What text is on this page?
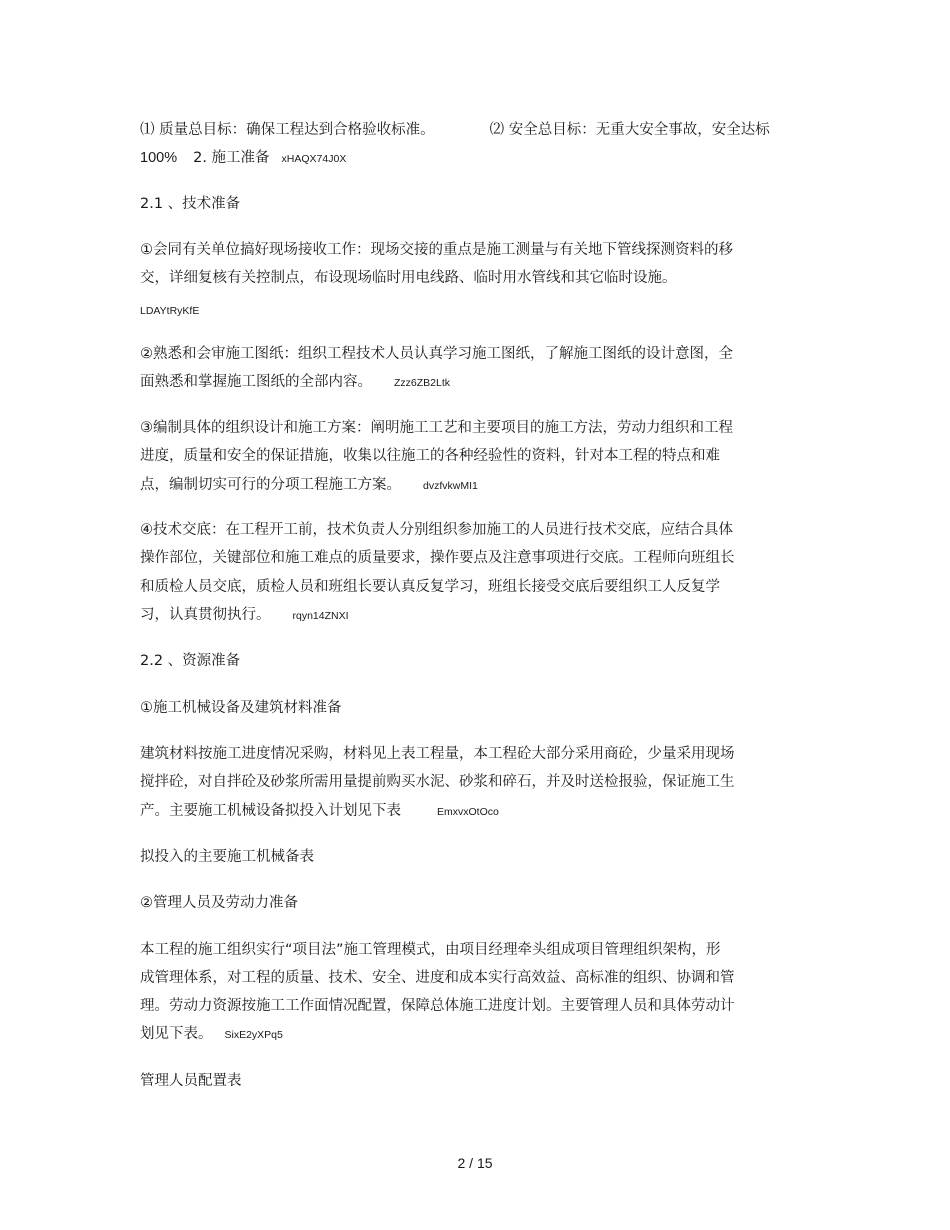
⑴ 质量总目标：确保工程达到合格验收标准。	⑵ 安全总目标：无重大安全事故，安全达标
100% 2. 施工准备 xHAQX74J0X
2.1 、技术准备
①会同有关单位搞好现场接收工作：现场交接的重点是施工测量与有关地下管线探测资料的移
交，详细复核有关控制点，布设现场临时用电线路、临时用水管线和其它临时设施。
LDAYtRyKfE
②熟悉和会审施工图纸：组织工程技术人员认真学习施工图纸，了解施工图纸的设计意图，全
面熟悉和掌握施工图纸的全部内容。 Zzz6ZB2Ltk
③编制具体的组织设计和施工方案：阐明施工工艺和主要项目的施工方法，劳动力组织和工程
进度，质量和安全的保证措施，收集以往施工的各种经验性的资料，针对本工程的特点和难
点，编制切实可行的分项工程施工方案。 dvzfvkwMI1
④技术交底：在工程开工前，技术负责人分别组织参加施工的人员进行技术交底，应结合具体
操作部位，关键部位和施工难点的质量要求，操作要点及注意事项进行交底。工程师向班组长
和质检人员交底，质检人员和班组长要认真反复学习，班组长接受交底后要组织工人反复学
习，认真贯彻执行。 rqyn14ZNXI
2.2 、资源准备
①施工机械设备及建筑材料准备
建筑材料按施工进度情况采购，材料见上表工程量，本工程砼大部分采用商砼，少量采用现场
搅拌砼，对自拌砼及砂浆所需用量提前购买水泥、砂浆和碎石，并及时送检报验，保证施工生
产。主要施工机械设备拟投入计划见下表	EmxvxOtOco
拟投入的主要施工机械备表
②管理人员及劳动力准备
本工程的施工组织实行“项目法”施工管理模式，由项目经理牵头组成项目管理组织架构，形
成管理体系，对工程的质量、技术、安全、进度和成本实行高效益、高标准的组织、协调和管
理。劳动力资源按施工工作面情况配置，保障总体施工进度计划。主要管理人员和具体劳动计
划见下表。 SixE2yXPq5
管理人员配置表
2 / 15
